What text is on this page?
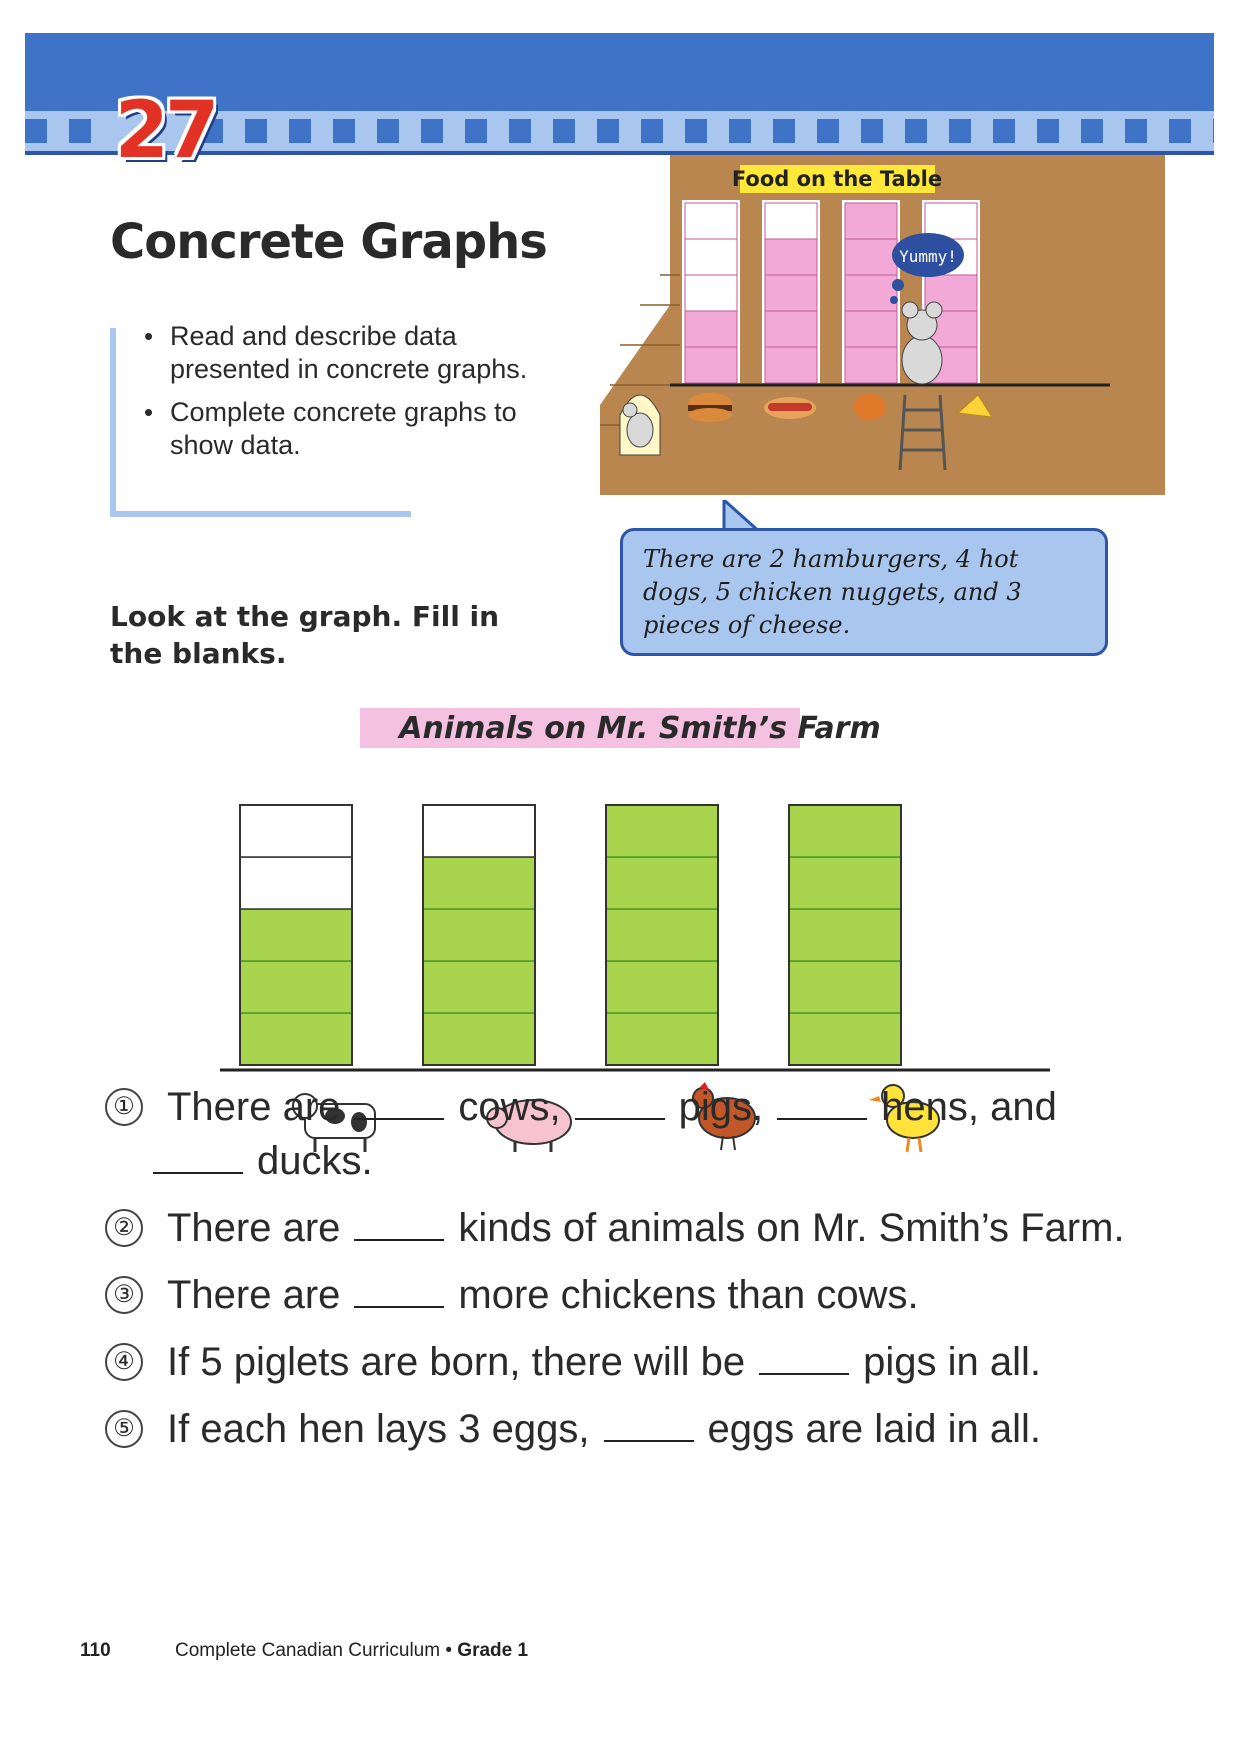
27
Concrete Graphs
• Read and describe data presented in concrete graphs.
• Complete concrete graphs to show data.
Food on the Table
Yummy!
There are 2 hamburgers, 4 hot dogs, 5 chicken nuggets, and 3 pieces of cheese.

Look at the graph. Fill in the blanks.

Animals on Mr. Smith’s Farm
① There are	cows,	pigs,	hens, and
ducks.
② There are	kinds of animals on Mr. Smith’s Farm.
③ There are	more chickens than cows.
④ If 5 piglets are born, there will be	pigs in all.
⑤ If each hen lays 3 eggs,	eggs are laid in all.
110	Complete Canadian Curriculum • Grade 1
